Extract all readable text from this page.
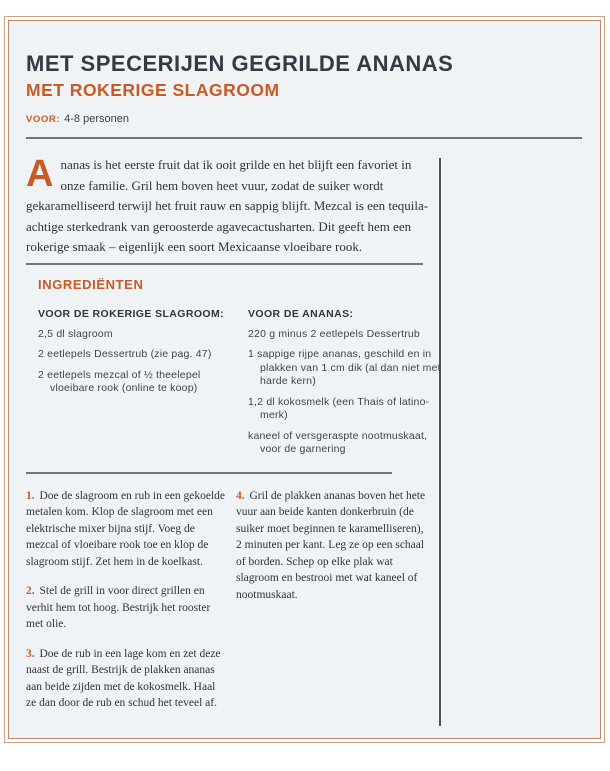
MET SPECERIJEN GEGRILDE ANANAS
MET ROKERIGE SLAGROOM
VOOR: 4-8 personen

Ananas is het eerste fruit dat ik ooit grilde en het blijft een favoriet in onze familie. Gril hem boven heet vuur, zodat de suiker wordt gekaramelliseerd terwijl het fruit rauw en sappig blijft. Mezcal is een tequila-achtige sterkedrank van geroosterde agavecactusharten. Dit geeft hem een rokerige smaak – eigenlijk een soort Mexicaanse vloeibare rook.

INGREDIËNTEN
VOOR DE ROKERIGE SLAGROOM:
2,5 dl slagroom
2 eetlepels Dessertrub (zie pag. 47)
2 eetlepels mezcal of ½ theelepel vloeibare rook (online te koop)
VOOR DE ANANAS:
220 g minus 2 eetlepels Dessertrub
1 sappige rijpe ananas, geschild en in plakken van 1 cm dik (al dan niet met harde kern)
1,2 dl kokosmelk (een Thais of latino-merk)
kaneel of versgeraspte nootmuskaat, voor de garnering

1. Doe de slagroom en rub in een gekoelde metalen kom. Klop de slagroom met een elektrische mixer bijna stijf. Voeg de mezcal of vloeibare rook toe en klop de slagroom stijf. Zet hem in de koelkast.

2. Stel de grill in voor direct grillen en verhit hem tot hoog. Bestrijk het rooster met olie.

3. Doe de rub in een lage kom en zet deze naast de grill. Bestrijk de plakken ananas aan beide zijden met de kokosmelk. Haal ze dan door de rub en schud het teveel af.

4. Gril de plakken ananas boven het hete vuur aan beide kanten donkerbruin (de suiker moet beginnen te karamelliseren), 2 minuten per kant. Leg ze op een schaal of borden. Schep op elke plak wat slagroom en bestrooi met wat kaneel of nootmuskaat.
